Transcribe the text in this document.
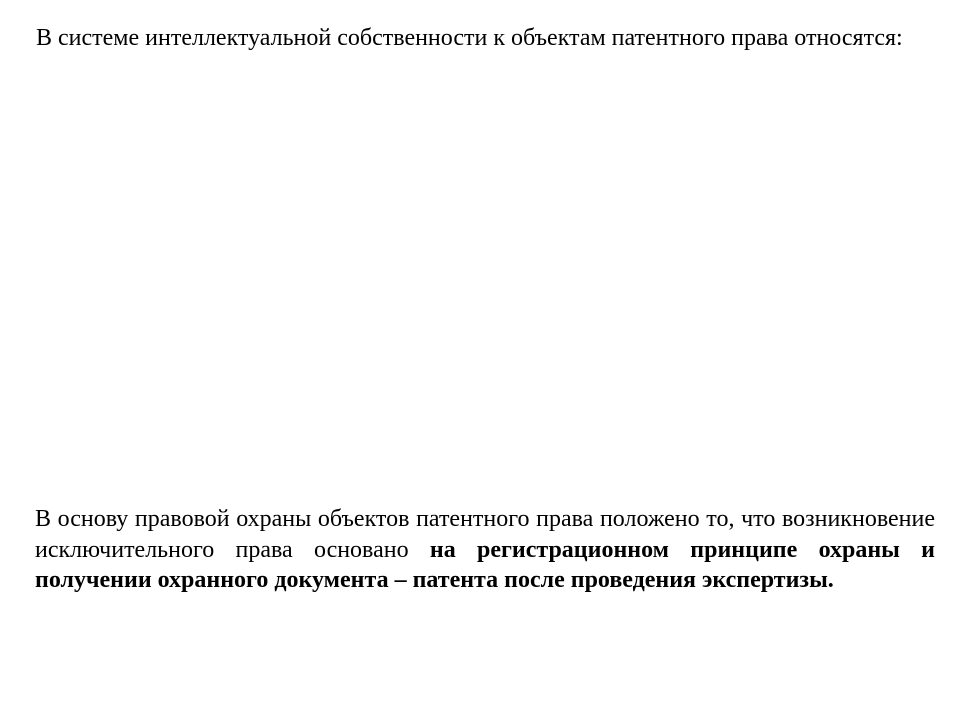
В системе интеллектуальной собственности к объектам патентного права относятся:

В основу правовой охраны объектов патентного права положено то, что возникновение исключительного права основано на регистрационном принципе охраны и получении охранного документа – патента после проведения экспертизы.
